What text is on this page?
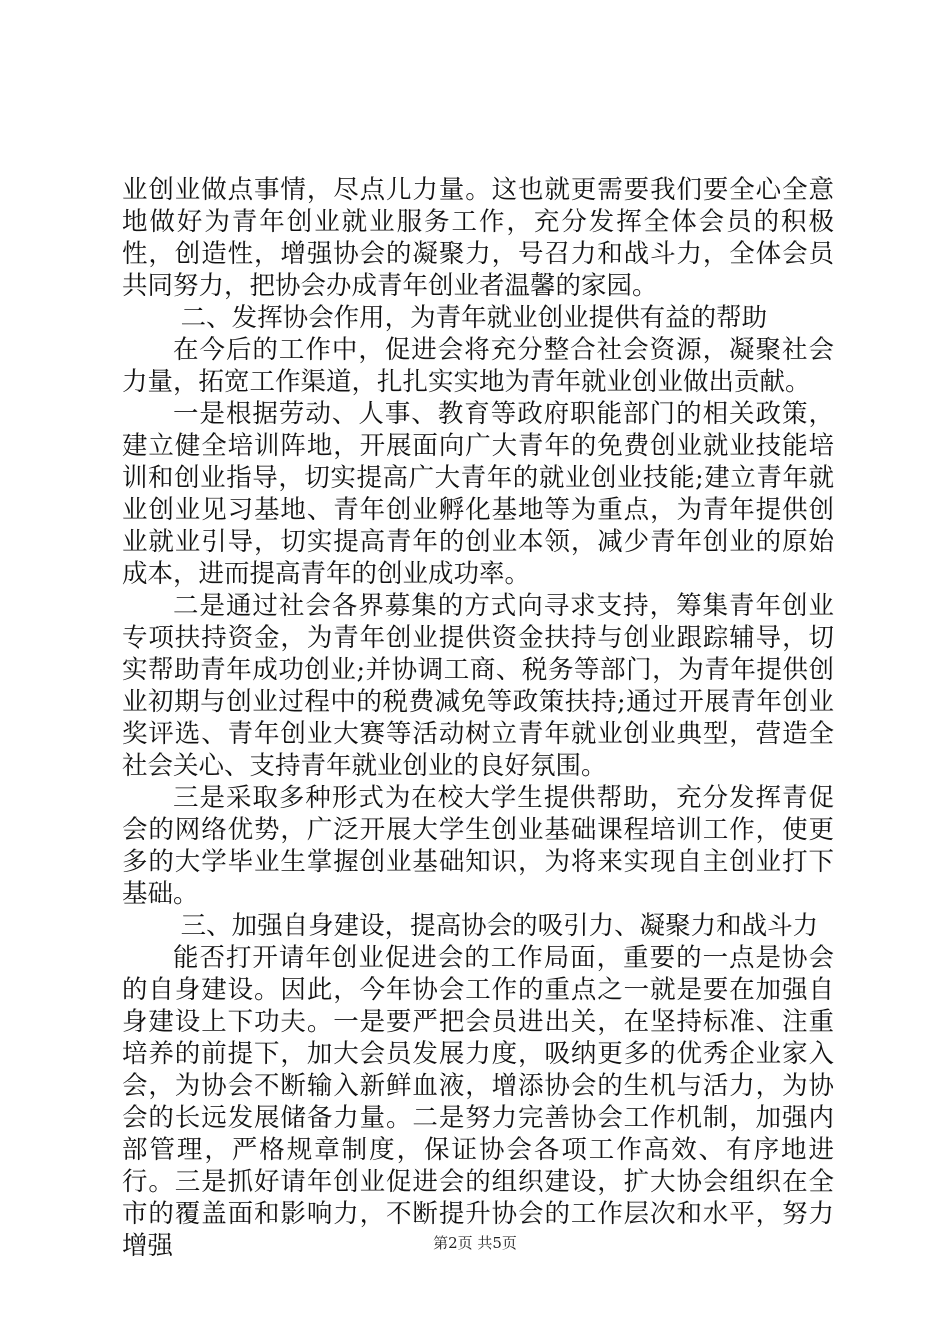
业创业做点事情，尽点儿力量。这也就更需要我们要全心全意地做好为青年创业就业服务工作，充分发挥全体会员的积极性，创造性，增强协会的凝聚力，号召力和战斗力，全体会员共同努力，把协会办成青年创业者温馨的家园。

二、发挥协会作用，为青年就业创业提供有益的帮助

在今后的工作中，促进会将充分整合社会资源，凝聚社会力量，拓宽工作渠道，扎扎实实地为青年就业创业做出贡献。

一是根据劳动、人事、教育等政府职能部门的相关政策，建立健全培训阵地，开展面向广大青年的免费创业就业技能培训和创业指导，切实提高广大青年的就业创业技能;建立青年就业创业见习基地、青年创业孵化基地等为重点，为青年提供创业就业引导，切实提高青年的创业本领，减少青年创业的原始成本，进而提高青年的创业成功率。

二是通过社会各界募集的方式向寻求支持，筹集青年创业专项扶持资金，为青年创业提供资金扶持与创业跟踪辅导，切实帮助青年成功创业;并协调工商、税务等部门，为青年提供创业初期与创业过程中的税费减免等政策扶持;通过开展青年创业奖评选、青年创业大赛等活动树立青年就业创业典型，营造全社会关心、支持青年就业创业的良好氛围。

三是采取多种形式为在校大学生提供帮助，充分发挥青促会的网络优势，广泛开展大学生创业基础课程培训工作，使更多的大学毕业生掌握创业基础知识，为将来实现自主创业打下基础。

三、加强自身建设，提高协会的吸引力、凝聚力和战斗力

能否打开请年创业促进会的工作局面，重要的一点是协会的自身建设。因此，今年协会工作的重点之一就是要在加强自身建设上下功夫。一是要严把会员进出关，在坚持标准、注重培养的前提下，加大会员发展力度，吸纳更多的优秀企业家入会，为协会不断输入新鲜血液，增添协会的生机与活力，为协会的长远发展储备力量。二是努力完善协会工作机制，加强内部管理，严格规章制度，保证协会各项工作高效、有序地进行。三是抓好请年创业促进会的组织建设，扩大协会组织在全市的覆盖面和影响力，不断提升协会的工作层次和水平，努力增强	第2页 共5页
